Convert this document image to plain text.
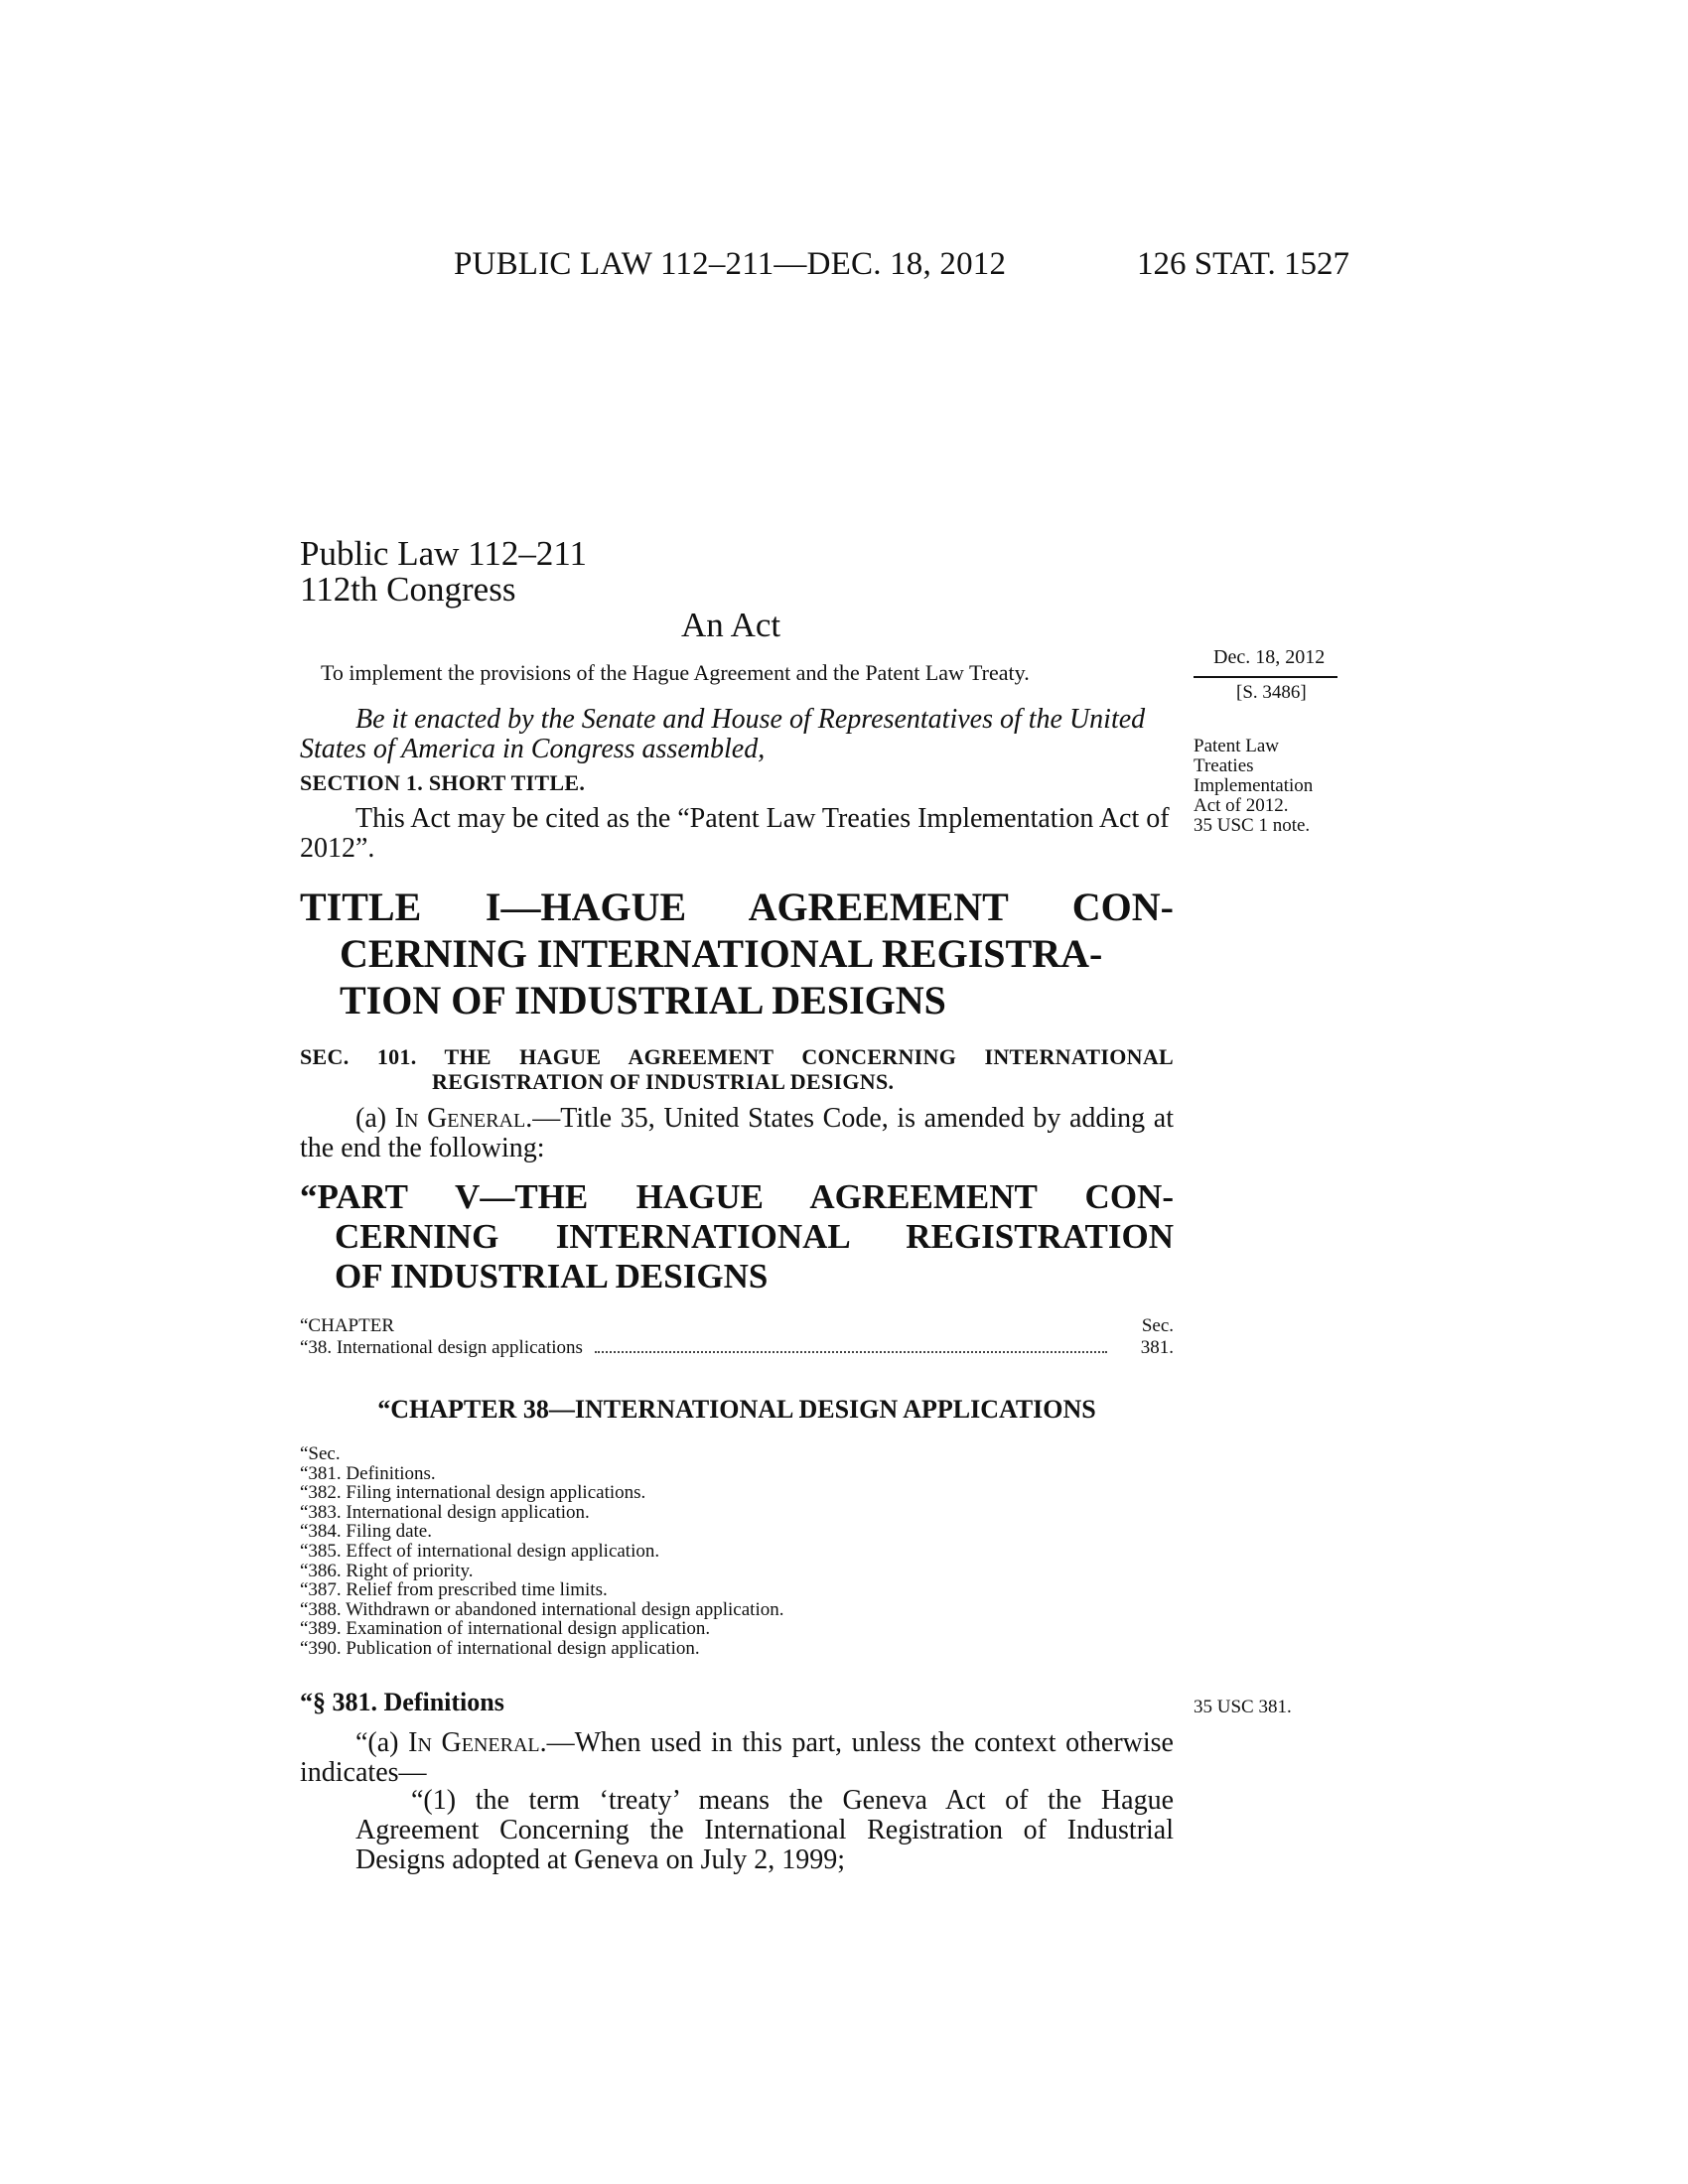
PUBLIC LAW 112–211—DEC. 18, 2012	126 STAT. 1527
Public Law 112–211
112th Congress
An Act
To implement the provisions of the Hague Agreement and the Patent Law Treaty.
Dec. 18, 2012
[S. 3486]
Patent Law
Treaties
Implementation
Act of 2012.
35 USC 1 note.
35 USC 381.

Be it enacted by the Senate and House of Representatives of the United States of America in Congress assembled,

SECTION 1. SHORT TITLE.

This Act may be cited as the “Patent Law Treaties Implementation Act of 2012”.

TITLE I—HAGUE AGREEMENT CON-
CERNING INTERNATIONAL REGISTRA-
TION OF INDUSTRIAL DESIGNS
SEC. 101. THE HAGUE AGREEMENT CONCERNING INTERNATIONAL
REGISTRATION OF INDUSTRIAL DESIGNS.

(a) In General.—Title 35, United States Code, is amended by adding at the end the following:

“PART V—THE HAGUE AGREEMENT CON-
CERNING INTERNATIONAL REGISTRATION
OF INDUSTRIAL DESIGNS
“CHAPTER	Sec.
“38. International design applications	381.
“CHAPTER 38—INTERNATIONAL DESIGN APPLICATIONS
“Sec.
“381. Definitions.
“382. Filing international design applications.
“383. International design application.
“384. Filing date.
“385. Effect of international design application.
“386. Right of priority.
“387. Relief from prescribed time limits.
“388. Withdrawn or abandoned international design application.
“389. Examination of international design application.
“390. Publication of international design application.
“§ 381. Definitions

“(a) In General.—When used in this part, unless the context otherwise indicates—

“(1) the term ‘treaty’ means the Geneva Act of the Hague Agreement Concerning the International Registration of Industrial Designs adopted at Geneva on July 2, 1999;
